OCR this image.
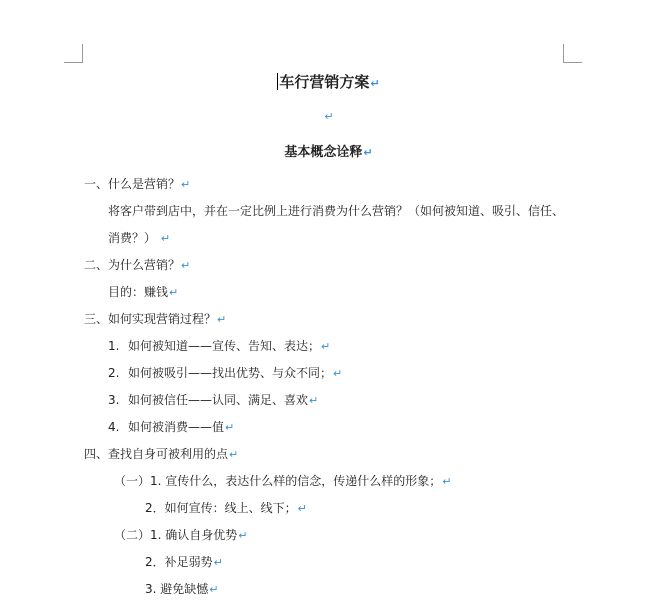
车行营销方案↵
↵
基本概念诠释↵
一、什么是营销？↵
将客户带到店中，并在一定比例上进行消费为什么营销？（如何被知道、吸引、信任、
消费？） ↵
二、为什么营销？↵
目的：赚钱↵
三、如何实现营销过程？↵
1. 如何被知道——宣传、告知、表达；↵
2. 如何被吸引——找出优势、与众不同；↵
3. 如何被信任——认同、满足、喜欢↵
4. 如何被消费——值↵
四、查找自身可被利用的点↵
（一）1. 宣传什么，表达什么样的信念，传递什么样的形象；↵
2．如何宣传：线上、线下；↵
（二）1. 确认自身优势↵
2．补足弱势↵
3. 避免缺憾↵
